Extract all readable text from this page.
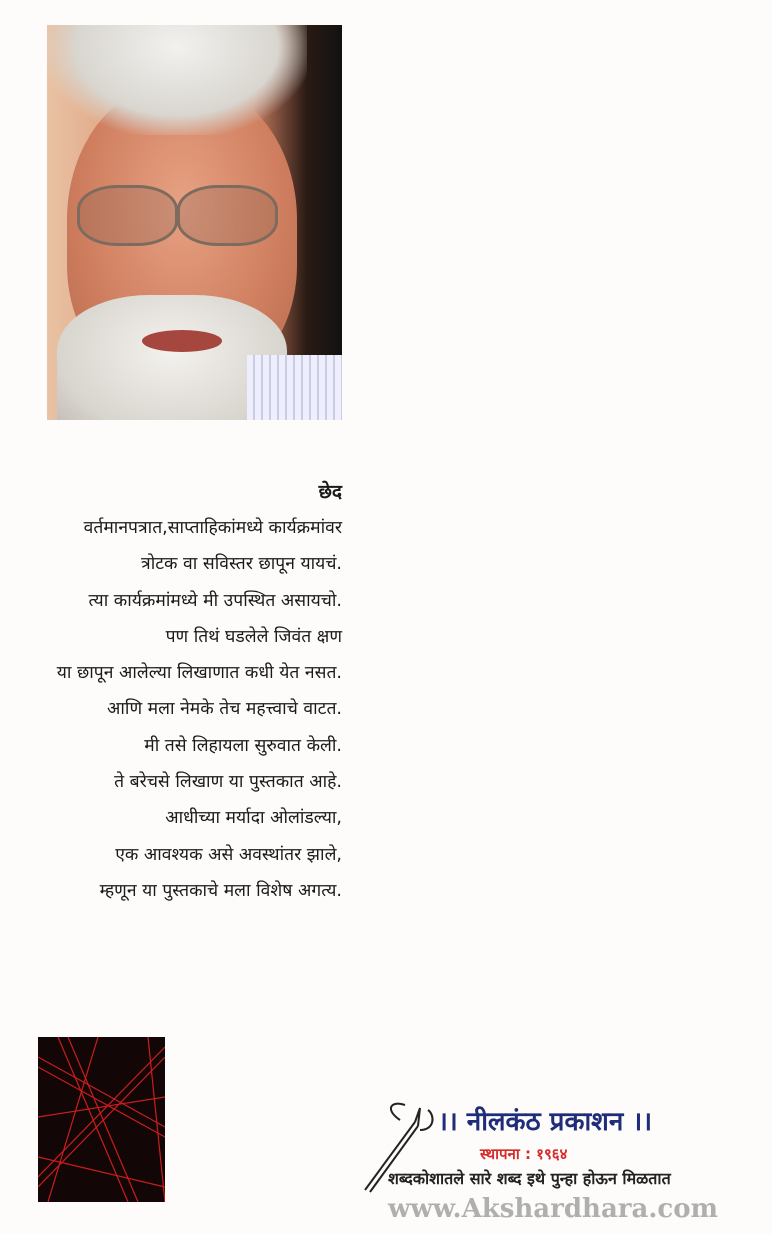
छेद
वर्तमानपत्रात,साप्ताहिकांमध्ये कार्यक्रमांवर
त्रोटक वा सविस्तर छापून यायचं.
त्या कार्यक्रमांमध्ये मी उपस्थित असायचो.
पण तिथं घडलेले जिवंत क्षण
या छापून आलेल्या लिखाणात कधी येत नसत.
आणि मला नेमके तेच महत्त्वाचे वाटत.
मी तसे लिहायला सुरुवात केली.
ते बरेचसे लिखाण या पुस्तकात आहे.
आधीच्या मर्यादा ओलांडल्या,
एक आवश्यक असे अवस्थांतर झाले,
म्हणून या पुस्तकाचे मला विशेष अगत्य.
।। नीलकंठ प्रकाशन ।।
स्थापना : १९६४
शब्दकोशातले सारे शब्द इथे पुन्हा होऊन मिळतात
www.Akshardhara.com
